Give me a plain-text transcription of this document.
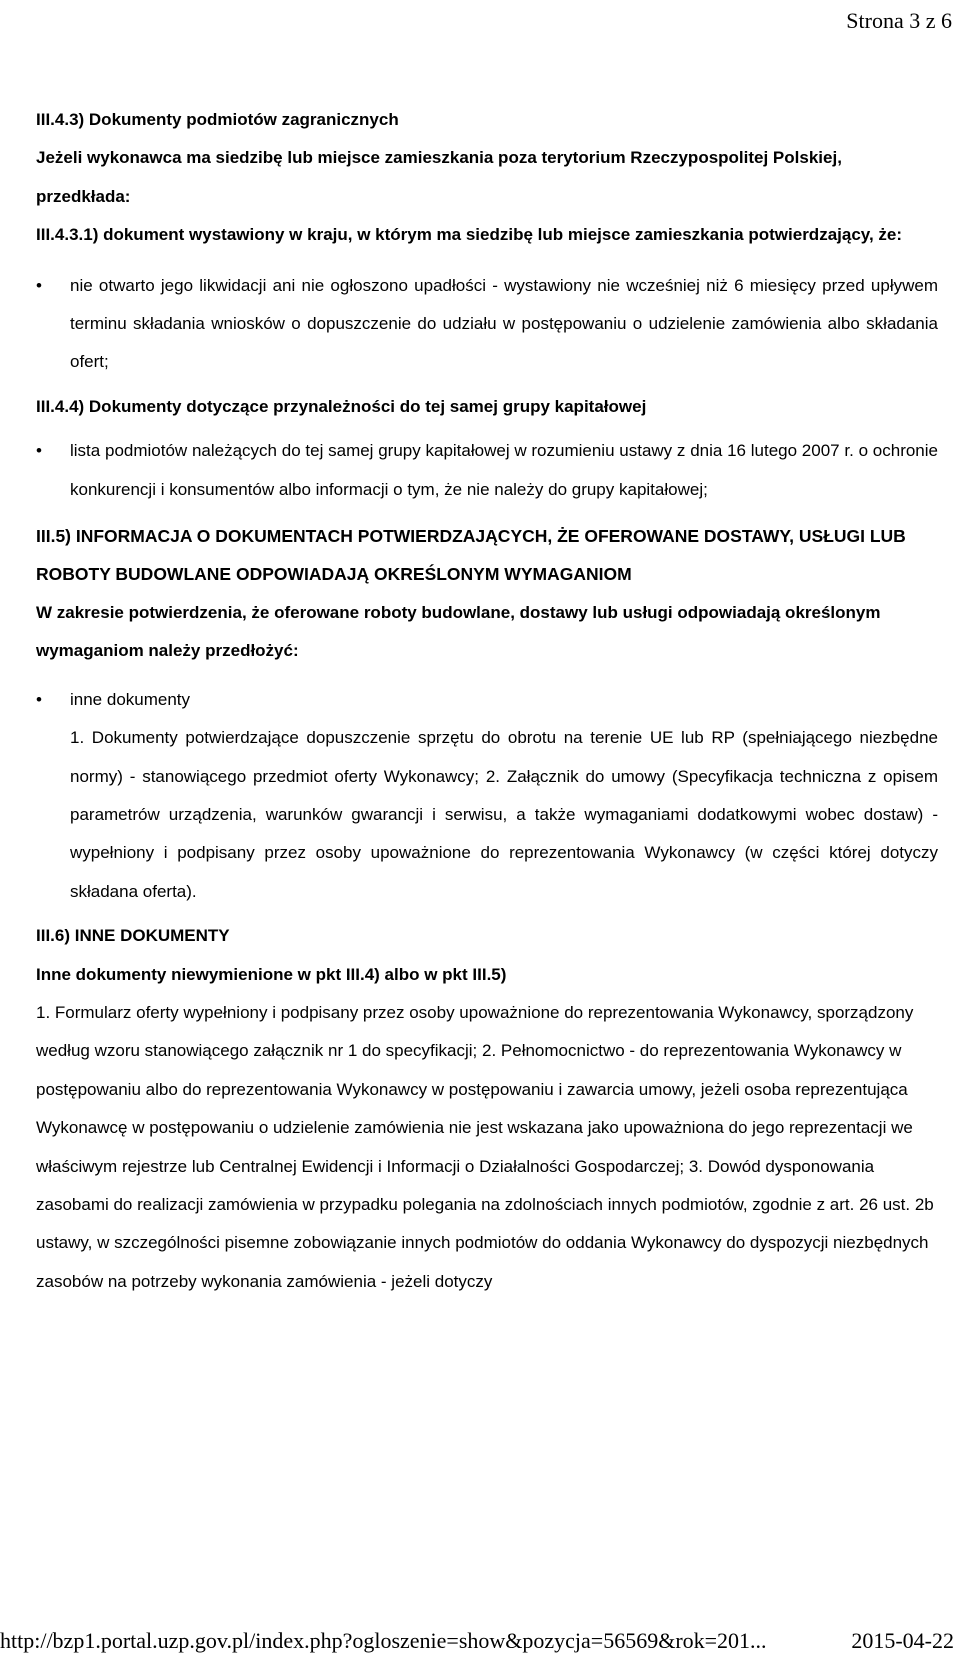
Strona 3 z 6

III.4.3) Dokumenty podmiotów zagranicznych

Jeżeli wykonawca ma siedzibę lub miejsce zamieszkania poza terytorium Rzeczypospolitej Polskiej, przedkłada:

III.4.3.1) dokument wystawiony w kraju, w którym ma siedzibę lub miejsce zamieszkania potwierdzający, że:

• nie otwarto jego likwidacji ani nie ogłoszono upadłości - wystawiony nie wcześniej niż 6 miesięcy przed upływem terminu składania wniosków o dopuszczenie do udziału w postępowaniu o udzielenie zamówienia albo składania ofert;

III.4.4) Dokumenty dotyczące przynależności do tej samej grupy kapitałowej

• lista podmiotów należących do tej samej grupy kapitałowej w rozumieniu ustawy z dnia 16 lutego 2007 r. o ochronie konkurencji i konsumentów albo informacji o tym, że nie należy do grupy kapitałowej;

III.5) INFORMACJA O DOKUMENTACH POTWIERDZAJĄCYCH, ŻE OFEROWANE DOSTAWY, USŁUGI LUB ROBOTY BUDOWLANE ODPOWIADAJĄ OKREŚLONYM WYMAGANIOM

W zakresie potwierdzenia, że oferowane roboty budowlane, dostawy lub usługi odpowiadają określonym wymaganiom należy przedłożyć:

• inne dokumenty

1. Dokumenty potwierdzające dopuszczenie sprzętu do obrotu na terenie UE lub RP (spełniającego niezbędne normy) - stanowiącego przedmiot oferty Wykonawcy; 2. Załącznik do umowy (Specyfikacja techniczna z opisem parametrów urządzenia, warunków gwarancji i serwisu, a także wymaganiami dodatkowymi wobec dostaw) - wypełniony i podpisany przez osoby upoważnione do reprezentowania Wykonawcy (w części której dotyczy składana oferta).

III.6) INNE DOKUMENTY

Inne dokumenty niewymienione w pkt III.4) albo w pkt III.5)

1. Formularz oferty wypełniony i podpisany przez osoby upoważnione do reprezentowania Wykonawcy, sporządzony według wzoru stanowiącego załącznik nr 1 do specyfikacji; 2. Pełnomocnictwo - do reprezentowania Wykonawcy w postępowaniu albo do reprezentowania Wykonawcy w postępowaniu i zawarcia umowy, jeżeli osoba reprezentująca Wykonawcę w postępowaniu o udzielenie zamówienia nie jest wskazana jako upoważniona do jego reprezentacji we właściwym rejestrze lub Centralnej Ewidencji i Informacji o Działalności Gospodarczej; 3. Dowód dysponowania zasobami do realizacji zamówienia w przypadku polegania na zdolnościach innych podmiotów, zgodnie z art. 26 ust. 2b ustawy, w szczególności pisemne zobowiązanie innych podmiotów do oddania Wykonawcy do dyspozycji niezbędnych zasobów na potrzeby wykonania zamówienia - jeżeli dotyczy

http://bzp1.portal.uzp.gov.pl/index.php?ogloszenie=show&pozycja=56569&rok=201...	2015-04-22
